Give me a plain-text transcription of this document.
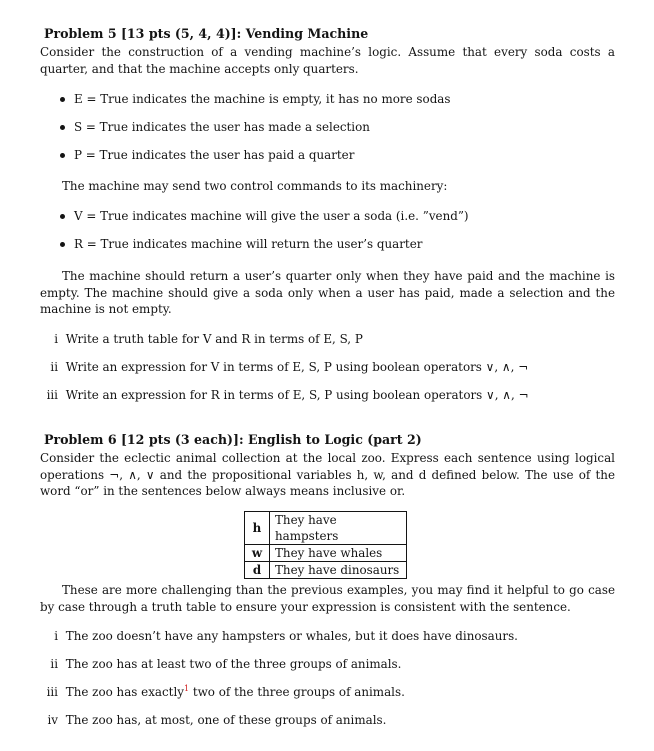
Problem 5 [13 pts (5, 4, 4)]: Vending Machine
Consider the construction of a vending machine’s logic. Assume that every soda costs a quarter, and that the machine accepts only quarters.
E = True indicates the machine is empty, it has no more sodas
S = True indicates the user has made a selection
P = True indicates the user has paid a quarter
The machine may send two control commands to its machinery:
V = True indicates machine will give the user a soda (i.e. ”vend”)
R = True indicates machine will return the user’s quarter
The machine should return a user’s quarter only when they have paid and the machine is empty. The machine should give a soda only when a user has paid, made a selection and the machine is not empty.
i Write a truth table for V and R in terms of E, S, P
ii Write an expression for V in terms of E, S, P using boolean operators ∨, ∧, ¬
iii Write an expression for R in terms of E, S, P using boolean operators ∨, ∧, ¬
Problem 6 [12 pts (3 each)]: English to Logic (part 2)
Consider the eclectic animal collection at the local zoo. Express each sentence using logical operations ¬, ∧, ∨ and the propositional variables h, w, and d defined below. The use of the word “or” in the sentences below always means inclusive or.
h	They have hampsters
w	They have whales
d	They have dinosaurs
These are more challenging than the previous examples, you may find it helpful to go case by case through a truth table to ensure your expression is consistent with the sentence.
i The zoo doesn’t have any hampsters or whales, but it does have dinosaurs.
ii The zoo has at least two of the three groups of animals.
iii The zoo has exactly$^1$ two of the three groups of animals.
iv The zoo has, at most, one of these groups of animals.
